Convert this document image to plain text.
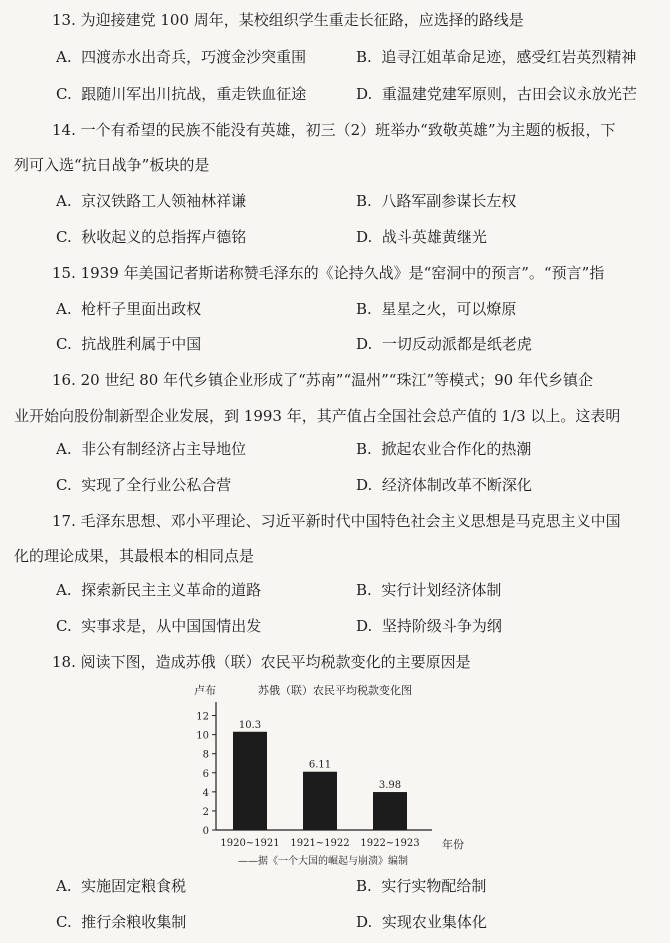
13. 为迎接建党 100 周年，某校组织学生重走长征路，应选择的路线是
A. 四渡赤水出奇兵，巧渡金沙突重围	B. 追寻江姐革命足迹，感受红岩英烈精神
C. 跟随川军出川抗战，重走铁血征途	D. 重温建党建军原则，古田会议永放光芒
14. 一个有希望的民族不能没有英雄，初三（2）班举办“致敬英雄”为主题的板报，下
列可入选“抗日战争”板块的是
A. 京汉铁路工人领袖林祥谦	B. 八路军副参谋长左权
C. 秋收起义的总指挥卢德铭	D. 战斗英雄黄继光
15. 1939 年美国记者斯诺称赞毛泽东的《论持久战》是“窑洞中的预言”。“预言”指
A. 枪杆子里面出政权	B. 星星之火，可以燎原
C. 抗战胜利属于中国	D. 一切反动派都是纸老虎
16. 20 世纪 80 年代乡镇企业形成了“苏南”“温州”“珠江”等模式；90 年代乡镇企
业开始向股份制新型企业发展，到 1993 年，其产值占全国社会总产值的 1/3 以上。这表明
A. 非公有制经济占主导地位	B. 掀起农业合作化的热潮
C. 实现了全行业公私合营	D. 经济体制改革不断深化
17. 毛泽东思想、邓小平理论、习近平新时代中国特色社会主义思想是马克思主义中国
化的理论成果，其最根本的相同点是
A. 探索新民主主义革命的道路	B. 实行计划经济体制
C. 实事求是，从中国国情出发	D. 坚持阶级斗争为纲
18. 阅读下图，造成苏俄（联）农民平均税款变化的主要原因是
卢布	苏俄（联）农民平均税款变化图
年份
——据《一个大国的崛起与崩溃》编制
0
2
4
6
8
10
12
10.3
1920~1921
6.11
1921~1922
3.98
1922~1923
A. 实施固定粮食税	B. 实行实物配给制
C. 推行余粮收集制	D. 实现农业集体化
